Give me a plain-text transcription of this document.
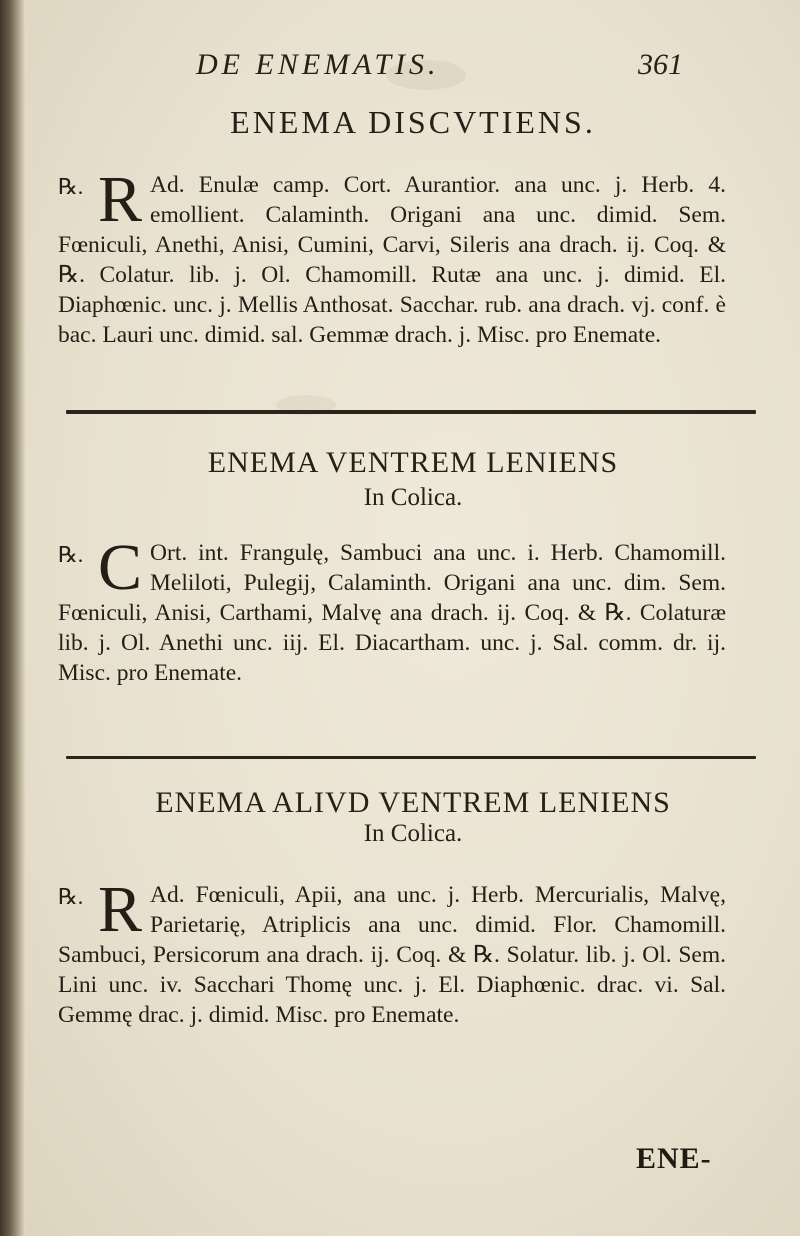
DE ENEMATIS.	361
ENEMA DISCVTIENS.
℞. R Ad. Enulæ camp. Cort. Aurantior. ana unc. j. Herb. 4. emollient. Calaminth. Origani ana unc. dimid. Sem. Fœniculi, Anethi, Anisi, Cumini, Carvi, Sileris ana drach. ij. Coq. & ℞. Colatur. lib. j. Ol. Chamomill. Rutæ ana unc. j. dimid. El. Diaphœnic. unc. j. Mellis Anthosat. Sacchar. rub. ana drach. vj. conf. è bac. Lauri unc. dimid. sal. Gemmæ drach. j. Misc. pro Enemate.

ENEMA VENTREM LENIENS
In Colica.
℞. C Ort. int. Frangulę, Sambuci ana unc. i. Herb. Chamomill. Meliloti, Pulegij, Calaminth. Origani ana unc. dim. Sem. Fœniculi, Anisi, Carthami, Malvę ana drach. ij. Coq. & ℞. Colaturæ lib. j. Ol. Anethi unc. iij. El. Diacartham. unc. j. Sal. comm. dr. ij. Misc. pro Enemate.

ENEMA ALIVD VENTREM LENIENS
In Colica.
℞. R Ad. Fœniculi, Apii, ana unc. j. Herb. Mercurialis, Malvę, Parietarię, Atriplicis ana unc. dimid. Flor. Chamomill. Sambuci, Persicorum ana drach. ij. Coq. & ℞. Solatur. lib. j. Ol. Sem. Lini unc. iv. Sacchari Thomę unc. j. El. Diaphœnic. drac. vi. Sal. Gemmę drac. j. dimid. Misc. pro Enemate.

ENE-
